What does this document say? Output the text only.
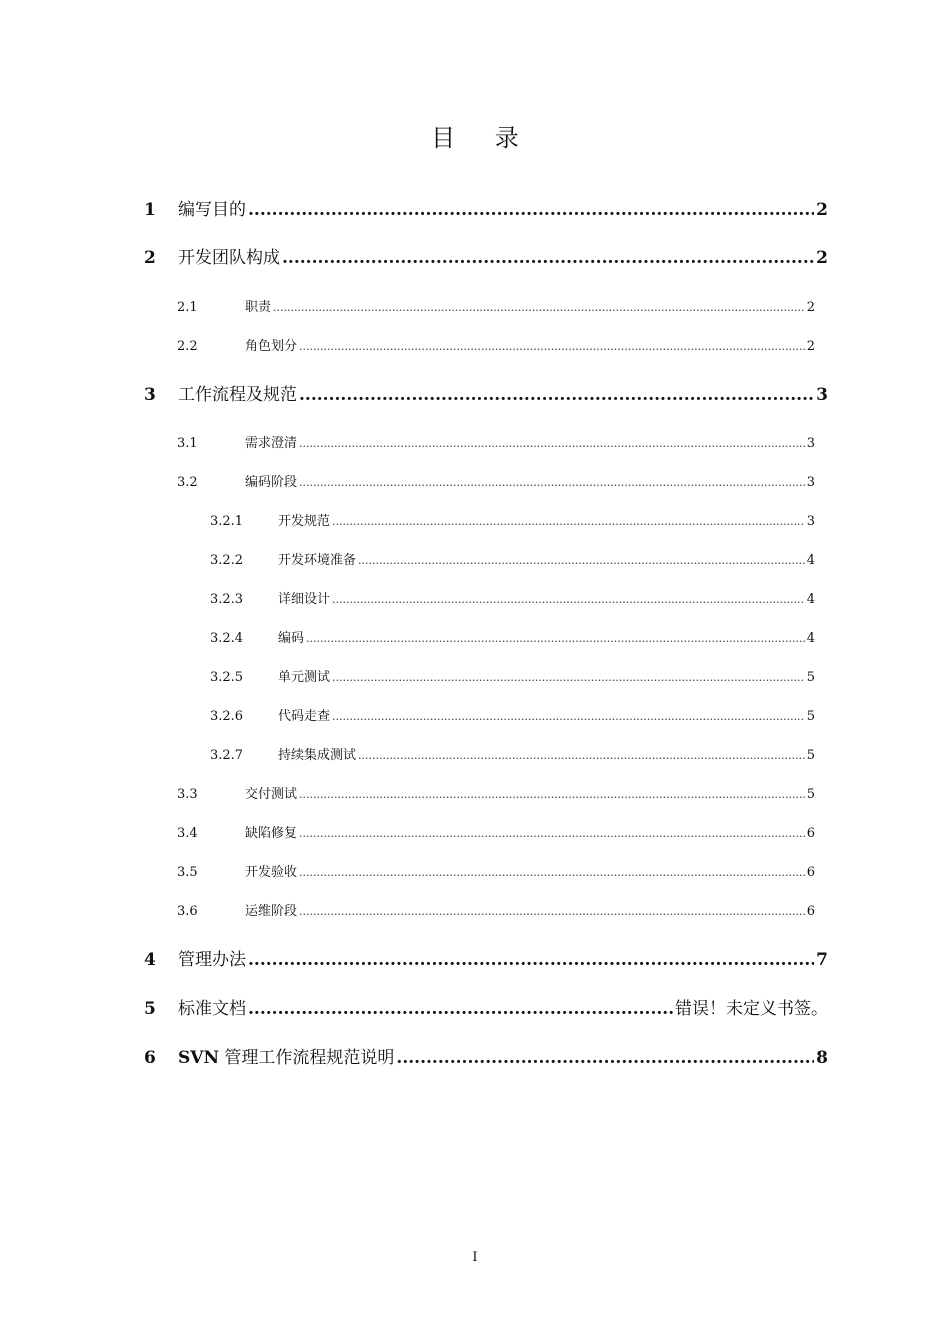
目 录
1	编写目的 .....	2
2	开发团队构成 .....	2
2.1	职责 .....	2
2.2	角色划分 .....	2
3	工作流程及规范 .....	3
3.1	需求澄清 .....	3
3.2	编码阶段 .....	3
3.2.1	开发规范 .....	3
3.2.2	开发环境准备 .....	4
3.2.3	详细设计 .....	4
3.2.4	编码 .....	4
3.2.5	单元测试 .....	5
3.2.6	代码走查 .....	5
3.2.7	持续集成测试 .....	5
3.3	交付测试 .....	5
3.4	缺陷修复 .....	6
3.5	开发验收 .....	6
3.6	运维阶段 .....	6
4	管理办法 .....	7
5	标准文档 .....	错误！未定义书签。
6	SVN 管理工作流程规范说明 .....	8
I
